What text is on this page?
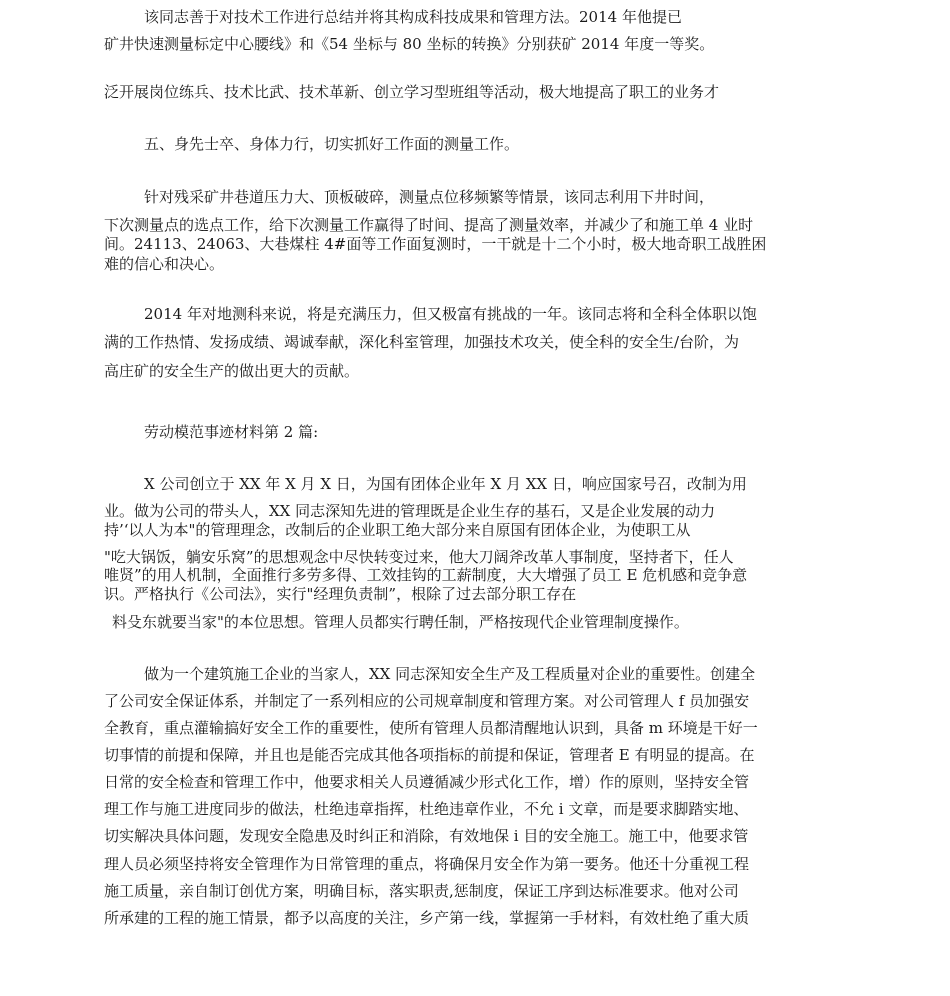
该同志善于对技术工作进行总结并将其构成科技成果和管理方法。2014 年他提已
矿井快速测量标定中心腰线》和《54 坐标与 80 坐标的转换》分别获矿 2014 年度一等奖。
泛开展岗位练兵、技术比武、技术革新、创立学习型班组等活动，极大地提高了职工的业务才
五、身先士卒、身体力行，切实抓好工作面的测量工作。
针对残采矿井巷道压力大、顶板破碎，测量点位移频繁等情景，该同志利用下井时间，
下次测量点的选点工作，给下次测量工作赢得了时间、提高了测量效率，并减少了和施工单 4 业时
间。24113、24063、大巷煤柱 4#面等工作面复测时，一干就是十二个小时，极大地奇职工战胜困
难的信心和决心。
2014 年对地测科来说，将是充满压力，但又极富有挑战的一年。该同志将和全科全体职以饱
满的工作热情、发扬成绩、竭诚奉献，深化科室管理，加强技术攻关，使全科的安全生/台阶，为
高庄矿的安全生产的做出更大的贡献。
劳动模范事迹材料第 2 篇:
X 公司创立于 XX 年 X 月 X 日，为国有团体企业年 X 月 XX 日，响应国家号召，改制为用
业。做为公司的带头人，XX 同志深知先进的管理既是企业生存的基石，又是企业发展的动力
持’‘以人为本"的管理理念，改制后的企业职工绝大部分来自原国有团体企业，为使职工从
"吃大锅饭，躺安乐窝”的思想观念中尽快转变过来，他大刀阔斧改革人事制度，坚持者下，任人
唯贤”的用人机制，全面推行多劳多得、工效挂钩的工薪制度，大大增强了员工 E 危机感和竞争意
识。严格执行《公司法》，实行"经理负责制”，根除了过去部分职工存在
料殳东就要当家"的本位思想。管理人员都实行聘任制，严格按现代企业管理制度操作。
做为一个建筑施工企业的当家人，XX 同志深知安全生产及工程质量对企业的重要性。创建全
了公司安全保证体系，并制定了一系列相应的公司规章制度和管理方案。对公司管理人 f 员加强安
全教育，重点灌输搞好安全工作的重要性，使所有管理人员都清醒地认识到，具备 m 环境是干好一
切事情的前提和保障，并且也是能否完成其他各项指标的前提和保证，管理者 E 有明显的提高。在
日常的安全检查和管理工作中，他要求相关人员遵循减少形式化工作，增）作的原则，坚持安全管
理工作与施工进度同步的做法，杜绝违章指挥，杜绝违章作业，不允 i 文章，而是要求脚踏实地、
切实解决具体问题，发现安全隐患及时纠正和消除，有效地保 i 目的安全施工。施工中，他要求管
理人员必须坚持将安全管理作为日常管理的重点，将确保月安全作为第一要务。他还十分重视工程
施工质量，亲自制订创优方案，明确目标，落实职责,惩制度，保证工序到达标准要求。他对公司
所承建的工程的施工情景，都予以高度的关注，乡产第一线，掌握第一手材料，有效杜绝了重大质
